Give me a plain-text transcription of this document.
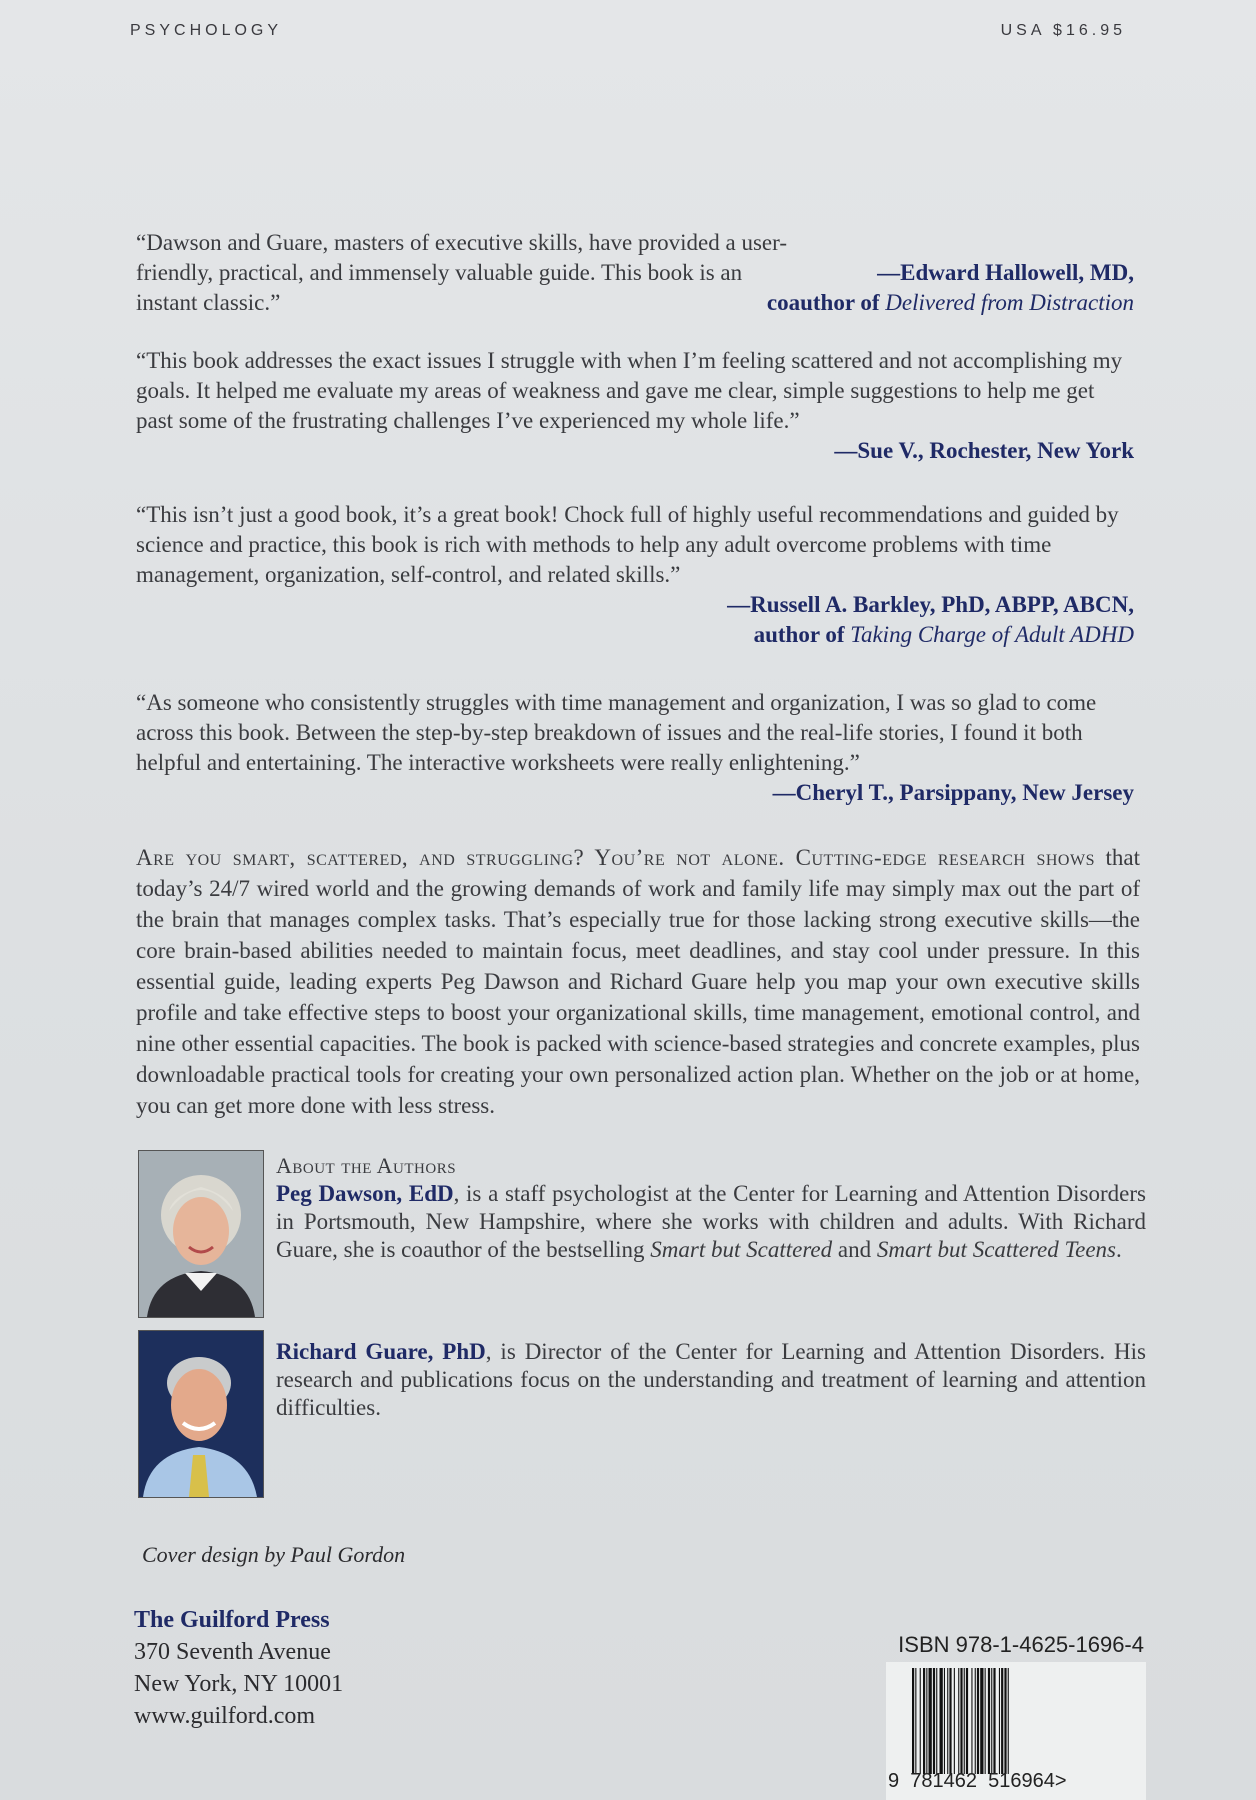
PSYCHOLOGY	USA $16.95

“Dawson and Guare, masters of executive skills, have provided a user-friendly, practical, and immensely valuable guide. This book is an instant classic.”

—Edward Hallowell, MD,
coauthor of Delivered from Distraction

“This book addresses the exact issues I struggle with when I’m feeling scattered and not accomplishing my goals. It helped me evaluate my areas of weakness and gave me clear, simple suggestions to help me get past some of the frustrating challenges I’ve experienced my whole life.”

—Sue V., Rochester, New York

“This isn’t just a good book, it’s a great book! Chock full of highly useful recommendations and guided by science and practice, this book is rich with methods to help any adult overcome problems with time management, organization, self-control, and related skills.”

—Russell A. Barkley, PhD, ABPP, ABCN,
author of Taking Charge of Adult ADHD

“As someone who consistently struggles with time management and organization, I was so glad to come across this book. Between the step-by-step breakdown of issues and the real-life stories, I found it both helpful and entertaining. The interactive worksheets were really enlightening.”

—Cheryl T., Parsippany, New Jersey
Are you smart, scattered, and struggling? You’re not alone. Cutting-edge research shows that today’s 24/7 wired world and the growing demands of work and family life may simply max out the part of the brain that manages complex tasks. That’s especially true for those lacking strong executive skills—the core brain-based abilities needed to maintain focus, meet deadlines, and stay cool under pressure. In this essential guide, leading experts Peg Dawson and Richard Guare help you map your own executive skills profile and take effective steps to boost your organizational skills, time management, emotional control, and nine other essential capacities. The book is packed with science-based strategies and concrete examples, plus downloadable practical tools for creating your own personalized action plan. Whether on the job or at home, you can get more done with less stress.
About the Authors
Peg Dawson, EdD, is a staff psychologist at the Center for Learning and Attention Disorders in Portsmouth, New Hampshire, where she works with children and adults. With Richard Guare, she is coauthor of the bestselling Smart but Scattered and Smart but Scattered Teens.
Richard Guare, PhD, is Director of the Center for Learning and Attention Disorders. His research and publications focus on the understanding and treatment of learning and attention difficulties.
Cover design by Paul Gordon
The Guilford Press
370 Seventh Avenue
New York, NY 10001
www.guilford.com
ISBN 978-1-4625-1696-4
9 781462 516964>
